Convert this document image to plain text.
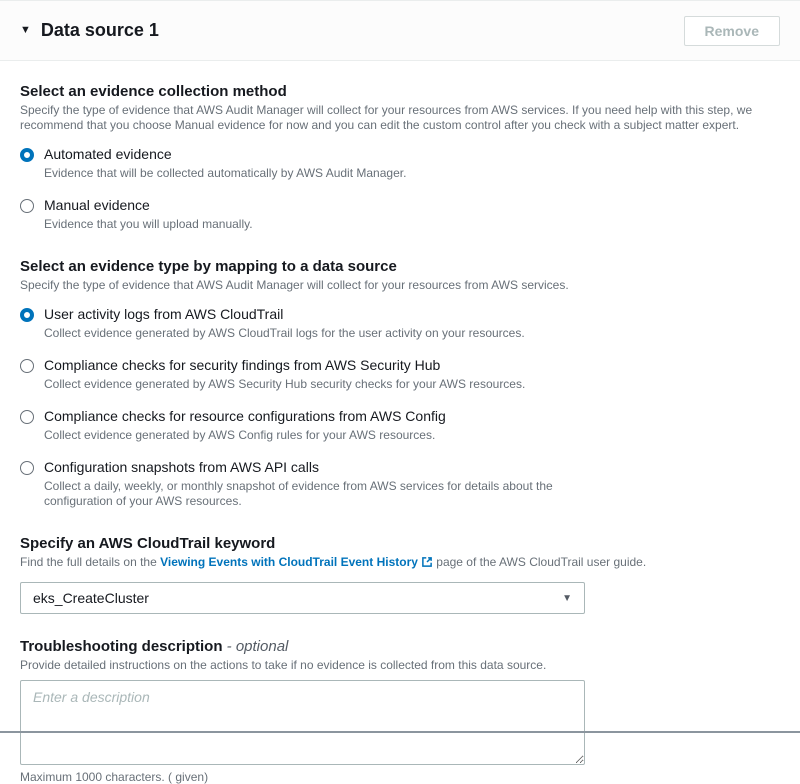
▼ Data source 1	Remove
Select an evidence collection method
Specify the type of evidence that AWS Audit Manager will collect for your resources from AWS services. If you need help with this step, we recommend that you choose Manual evidence for now and you can edit the custom control after you check with a subject matter expert.
Automated evidence
Evidence that will be collected automatically by AWS Audit Manager.
Manual evidence
Evidence that you will upload manually.
Select an evidence type by mapping to a data source
Specify the type of evidence that AWS Audit Manager will collect for your resources from AWS services.
User activity logs from AWS CloudTrail
Collect evidence generated by AWS CloudTrail logs for the user activity on your resources.
Compliance checks for security findings from AWS Security Hub
Collect evidence generated by AWS Security Hub security checks for your AWS resources.
Compliance checks for resource configurations from AWS Config
Collect evidence generated by AWS Config rules for your AWS resources.
Configuration snapshots from AWS API calls
Collect a daily, weekly, or monthly snapshot of evidence from AWS services for details about the configuration of your AWS resources.
Specify an AWS CloudTrail keyword
Find the full details on the Viewing Events with CloudTrail Event History page of the AWS CloudTrail user guide.
eks_CreateCluster	▼
Troubleshooting description - optional
Provide detailed instructions on the actions to take if no evidence is collected from this data source.
Enter a description
Maximum 1000 characters. ( given)
